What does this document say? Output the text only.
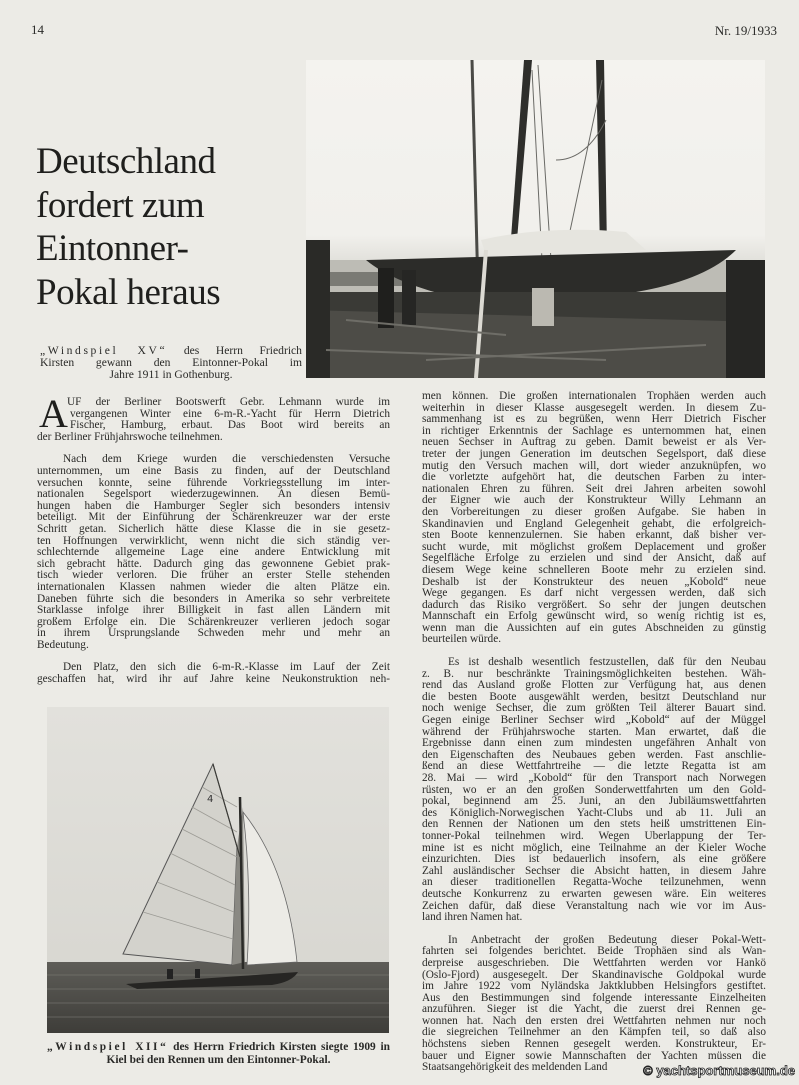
14	Nr. 19/1933
Deutschland
fordert zum
Eintonner-
Pokal heraus
„Windspiel XV“ des Herrn Friedrich
Kirsten gewann den Eintonner-Pokal im
Jahre 1911 in Gothenburg.
A UF der Berliner Bootswerft Gebr. Lehmann wurde im
vergangenen Winter eine 6-m-R.-Yacht für Herrn Dietrich
Fischer, Hamburg, erbaut. Das Boot wird bereits an
der Berliner Frühjahrswoche teilnehmen.
Nach dem Kriege wurden die verschiedensten Versuche
unternommen, um eine Basis zu finden, auf der Deutschland
versuchen konnte, seine führende Vorkriegsstellung im inter-
nationalen Segelsport wiederzugewinnen. An diesen Bemü-
hungen haben die Hamburger Segler sich besonders intensiv
beteiligt. Mit der Einführung der Schärenkreuzer war der erste
Schritt getan. Sicherlich hätte diese Klasse die in sie gesetz-
ten Hoffnungen verwirklicht, wenn nicht die sich ständig ver-
schlechternde allgemeine Lage eine andere Entwicklung mit
sich gebracht hätte. Dadurch ging das gewonnene Gebiet prak-
tisch wieder verloren. Die früher an erster Stelle stehenden
internationalen Klassen nahmen wieder die alten Plätze ein.
Daneben führte sich die besonders in Amerika so sehr verbreitete
Starklasse infolge ihrer Billigkeit in fast allen Ländern mit
großem Erfolge ein. Die Schärenkreuzer verlieren jedoch sogar
in ihrem Ursprungslande Schweden mehr und mehr an
Bedeutung.
Den Platz, den sich die 6-m-R.-Klasse im Lauf der Zeit
geschaffen hat, wird ihr auf Jahre keine Neukonstruktion neh-
men können. Die großen internationalen Trophäen werden auch
weiterhin in dieser Klasse ausgesegelt werden. In diesem Zu-
sammenhang ist es zu begrüßen, wenn Herr Dietrich Fischer
in richtiger Erkenntnis der Sachlage es unternommen hat, einen
neuen Sechser in Auftrag zu geben. Damit beweist er als Ver-
treter der jungen Generation im deutschen Segelsport, daß diese
mutig den Versuch machen will, dort wieder anzuknüpfen, wo
die vorletzte aufgehört hat, die deutschen Farben zu inter-
nationalen Ehren zu führen. Seit drei Jahren arbeiten sowohl
der Eigner wie auch der Konstrukteur Willy Lehmann an
den Vorbereitungen zu dieser großen Aufgabe. Sie haben in
Skandinavien und England Gelegenheit gehabt, die erfolgreich-
sten Boote kennenzulernen. Sie haben erkannt, daß bisher ver-
sucht wurde, mit möglichst großem Deplacement und großer
Segelfläche Erfolge zu erzielen und sind der Ansicht, daß auf
diesem Wege keine schnelleren Boote mehr zu erzielen sind.
Deshalb ist der Konstrukteur des neuen „Kobold“ neue
Wege gegangen. Es darf nicht vergessen werden, daß sich
dadurch das Risiko vergrößert. So sehr der jungen deutschen
Mannschaft ein Erfolg gewünscht wird, so wenig richtig ist es,
wenn man die Aussichten auf ein gutes Abschneiden zu günstig
beurteilen würde.
Es ist deshalb wesentlich festzustellen, daß für den Neubau
z. B. nur beschränkte Trainingsmöglichkeiten bestehen. Wäh-
rend das Ausland große Flotten zur Verfügung hat, aus denen
die besten Boote ausgewählt werden, besitzt Deutschland nur
noch wenige Sechser, die zum größten Teil älterer Bauart sind.
Gegen einige Berliner Sechser wird „Kobold“ auf der Müggel
während der Frühjahrswoche starten. Man erwartet, daß die
Ergebnisse dann einen zum mindesten ungefähren Anhalt von
den Eigenschaften des Neubaues geben werden. Fast anschlie-
ßend an diese Wettfahrtreihe — die letzte Regatta ist am
28. Mai — wird „Kobold“ für den Transport nach Norwegen
rüsten, wo er an den großen Sonderwettfahrten um den Gold-
pokal, beginnend am 25. Juni, an den Jubiläumswettfahrten
des Königlich-Norwegischen Yacht-Clubs und ab 11. Juli an
den Rennen der Nationen um den stets heiß umstrittenen Ein-
tonner-Pokal teilnehmen wird. Wegen Überlappung der Ter-
mine ist es nicht möglich, eine Teilnahme an der Kieler Woche
einzurichten. Dies ist bedauerlich insofern, als eine größere
Zahl ausländischer Sechser die Absicht hatten, in diesem Jahre
an dieser traditionellen Regatta-Woche teilzunehmen, wenn
deutsche Konkurrenz zu erwarten gewesen wäre. Ein weiteres
Zeichen dafür, daß diese Veranstaltung nach wie vor im Aus-
land ihren Namen hat.
In Anbetracht der großen Bedeutung dieser Pokal-Wett-
fahrten sei folgendes berichtet. Beide Trophäen sind als Wan-
derpreise ausgeschrieben. Die Wettfahrten werden vor Hankö
(Oslo-Fjord) ausgesegelt. Der Skandinavische Goldpokal wurde
im Jahre 1922 vom Nyländska Jaktklubben Helsingfors gestiftet.
Aus den Bestimmungen sind folgende interessante Einzelheiten
anzuführen. Sieger ist die Yacht, die zuerst drei Rennen ge-
wonnen hat. Nach den ersten drei Wettfahrten nehmen nur noch
die siegreichen Teilnehmer an den Kämpfen teil, so daß also
höchstens sieben Rennen gesegelt werden. Konstrukteur, Er-
bauer und Eigner sowie Mannschaften der Yachten müssen die
Staatsangehörigkeit des meldenden Land
4
„Windspiel XII“ des Herrn Friedrich Kirsten siegte 1909 in
Kiel bei den Rennen um den Eintonner-Pokal.
© yachtsportmuseum.de
